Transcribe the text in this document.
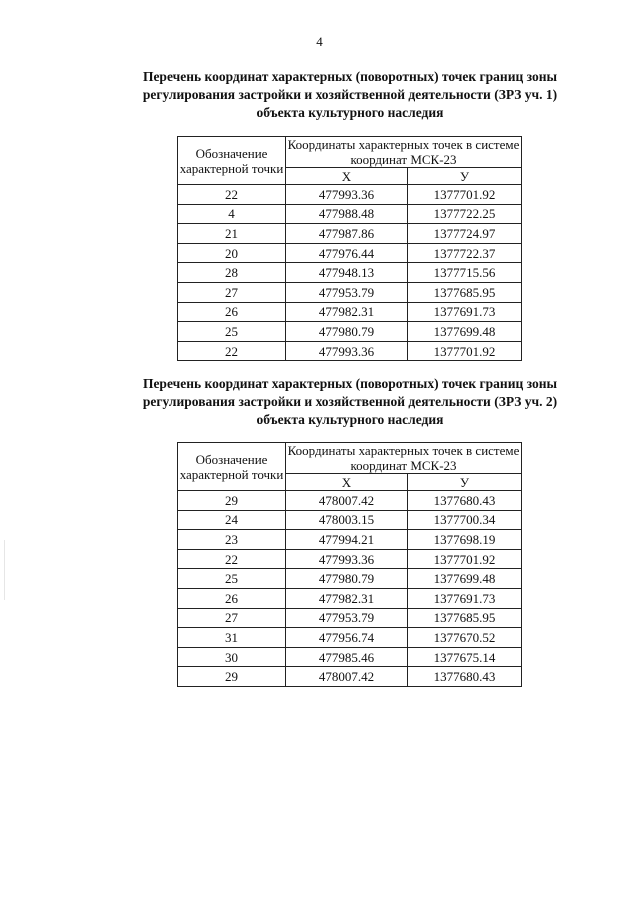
4
Перечень координат характерных (поворотных) точек границ зоны
регулирования застройки и хозяйственной деятельности (ЗРЗ уч. 1)
объекта культурного наследия
Обозначение характерной точки	Координаты характерных точек в системе координат МСК-23	
	X	У
22	477993.36	1377701.92
4	477988.48	1377722.25
21	477987.86	1377724.97
20	477976.44	1377722.37
28	477948.13	1377715.56
27	477953.79	1377685.95
26	477982.31	1377691.73
25	477980.79	1377699.48
22	477993.36	1377701.92
Перечень координат характерных (поворотных) точек границ зоны
регулирования застройки и хозяйственной деятельности (ЗРЗ уч. 2)
объекта культурного наследия
Обозначение характерной точки	Координаты характерных точек в системе координат МСК-23	
	X	У
29	478007.42	1377680.43
24	478003.15	1377700.34
23	477994.21	1377698.19
22	477993.36	1377701.92
25	477980.79	1377699.48
26	477982.31	1377691.73
27	477953.79	1377685.95
31	477956.74	1377670.52
30	477985.46	1377675.14
29	478007.42	1377680.43
